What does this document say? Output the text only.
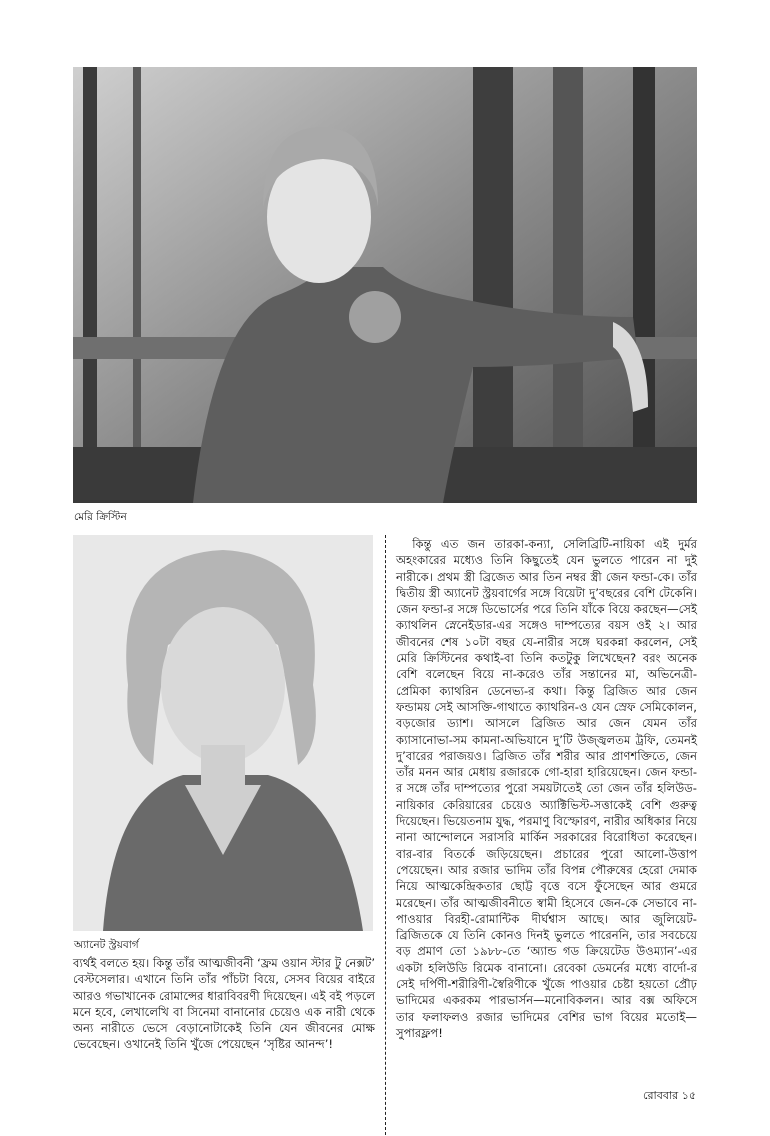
মেরি ক্রিস্টিন
অ্যানেট স্ট্রয়বার্গ

কিন্তু এত জন তারকা-কন্যা, সেলিব্রিটি-নায়িকা এই দুর্মর অহংকারের মধ্যেও তিনি কিছুতেই যেন ভুলতে পারেন না দুই নারীকে। প্রথম স্ত্রী ব্রিজেত আর তিন নম্বর স্ত্রী জেন ফন্ডা-কে। তাঁর দ্বিতীয় স্ত্রী অ্যানেট স্ট্রয়বার্গের সঙ্গে বিয়েটা দু’বছরের বেশি টেকেনি। জেন ফন্ডা-র সঙ্গে ডিভোর্সের পরে তিনি যাঁকে বিয়ে করছেন—সেই ক্যাথলিন স্নেনেইডার-এর সঙ্গেও দাম্পত্যের বয়স ওই ২। আর জীবনের শেষ ১০টা বছর যে-নারীর সঙ্গে ঘরকন্না করলেন, সেই মেরি ক্রিস্টিনের কথাই-বা তিনি কতটুকু লিখেছেন? বরং অনেক বেশি বলেছেন বিয়ে না-করেও তাঁর সন্তানের মা, অভিনেত্রী-প্রেমিকা ক্যাথরিন ডেনেভ্য-র কথা। কিন্তু ব্রিজিত আর জেন ফন্ডাময় সেই আসক্তি-গাথাতে ক্যাথরিন-ও যেন স্রেফ সেমিকোলন, বড়জোর ড্যাশ। আসলে ব্রিজিত আর জেন যেমন তাঁর ক্যাসানোভা-সম কামনা-অভিযানে দু’টি উজ্জ্বলতম ট্রফি, তেমনই দু’বারের পরাজয়ও। ব্রিজিত তাঁর শরীর আর প্রাণশক্তিতে, জেন তাঁর মনন আর মেধায় রজারকে গো-হারা হারিয়েছেন। জেন ফন্ডা-র সঙ্গে তাঁর দাম্পত্যের পুরো সময়টাতেই তো জেন তাঁর হলিউড-নায়িকার কেরিয়ারের চেয়েও অ্যাক্টিভিস্ট-সত্তাকেই বেশি গুরুত্ব দিয়েছেন। ভিয়েতনাম যুদ্ধ, পরমাণু বিস্ফোরণ, নারীর অধিকার নিয়ে নানা আন্দোলনে সরাসরি মার্কিন সরকারের বিরোধিতা করেছেন। বার-বার বিতর্কে জড়িয়েছেন। প্রচারের পুরো আলো-উত্তাপ পেয়েছেন। আর রজার ভাদিম তাঁর বিপন্ন পৌরুষের হেরো দেমাক নিয়ে আত্মকেন্দ্রিকতার ছোট্ট বৃত্তে বসে ফুঁসেছেন আর গুমরে মরেছেন। তাঁর আত্মজীবনীতে স্বামী হিসেবে জেন-কে সেভাবে না-পাওয়ার বিরহী-রোমান্টিক দীর্ঘশ্বাস আছে। আর জুলিয়েট-ব্রিজিতকে যে তিনি কোনও দিনই ভুলতে পারেননি, তার সবচেয়ে বড় প্রমাণ তো ১৯৮৮-তে ‘অ্যান্ড গড ক্রিয়েটেড উওম্যান’-এর একটা হলিউডি রিমেক বানানো। রেবেকা ডেমর্নের মধ্যে বার্দো-র সেই দর্পিণী-শরীরিণী-স্বৈরিণীকে খুঁজে পাওয়ার চেষ্টা হয়তো প্রৌঢ় ভাদিমের একরকম পারভার্সন—মনোবিকলন। আর বক্স অফিসে তার ফলাফলও রজার ভাদিমের বেশির ভাগ বিয়ের মতোই—সুপারফ্লপ!

ব্যর্থই বলতে হয়। কিন্তু তাঁর আত্মজীবনী ‘ফ্রম ওয়ান স্টার টু নেক্সট’ বেস্টসেলার। এখানে তিনি তাঁর পাঁচটা বিয়ে, সেসব বিয়ের বাইরে আরও গভাখানেক রোমান্সের ধারাবিবরণী দিয়েছেন। এই বই পড়লে মনে হবে, লেখালেখি বা সিনেমা বানানোর চেয়েও এক নারী থেকে অন্য নারীতে ভেসে বেড়ানোটাকেই তিনি যেন জীবনের মোক্ষ ভেবেছেন। ওখানেই তিনি খুঁজে পেয়েছেন ‘সৃষ্টির আনন্দ’!

রোববার ১৫
